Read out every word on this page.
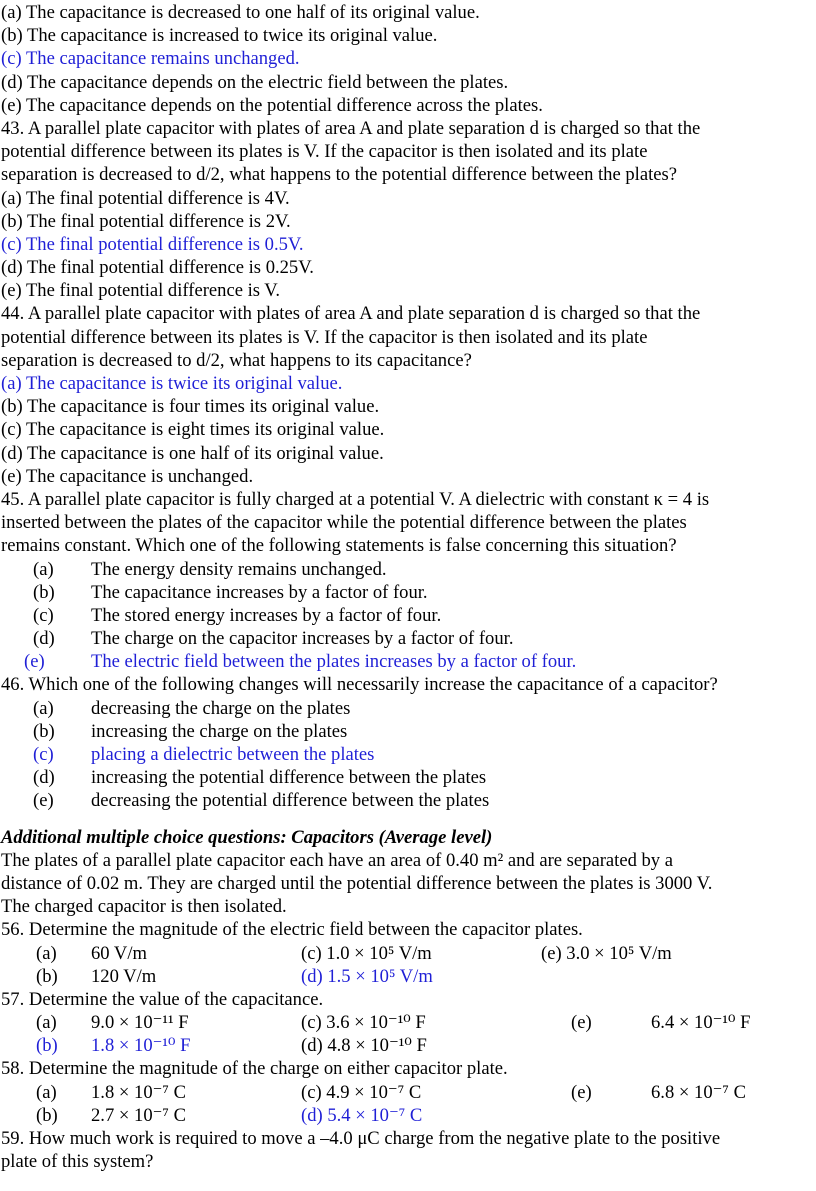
(a) The capacitance is decreased to one half of its original value.
(b) The capacitance is increased to twice its original value.
(c) The capacitance remains unchanged.
(d) The capacitance depends on the electric field between the plates.
(e) The capacitance depends on the potential difference across the plates.
43. A parallel plate capacitor with plates of area A and plate separation d is charged so that the
potential difference between its plates is V. If the capacitor is then isolated and its plate
separation is decreased to d/2, what happens to the potential difference between the plates?
(a) The final potential difference is 4V.
(b) The final potential difference is 2V.
(c) The final potential difference is 0.5V.
(d) The final potential difference is 0.25V.
(e) The final potential difference is V.
44. A parallel plate capacitor with plates of area A and plate separation d is charged so that the
potential difference between its plates is V. If the capacitor is then isolated and its plate
separation is decreased to d/2, what happens to its capacitance?
(a) The capacitance is twice its original value.
(b) The capacitance is four times its original value.
(c) The capacitance is eight times its original value.
(d) The capacitance is one half of its original value.
(e) The capacitance is unchanged.
45. A parallel plate capacitor is fully charged at a potential V. A dielectric with constant κ = 4 is
inserted between the plates of the capacitor while the potential difference between the plates
remains constant. Which one of the following statements is false concerning this situation?
(a) The energy density remains unchanged.
(b) The capacitance increases by a factor of four.
(c) The stored energy increases by a factor of four.
(d) The charge on the capacitor increases by a factor of four.
(e) The electric field between the plates increases by a factor of four.
46. Which one of the following changes will necessarily increase the capacitance of a capacitor?
(a) decreasing the charge on the plates
(b) increasing the charge on the plates
(c) placing a dielectric between the plates
(d) increasing the potential difference between the plates
(e) decreasing the potential difference between the plates
Additional multiple choice questions: Capacitors (Average level)
The plates of a parallel plate capacitor each have an area of 0.40 m² and are separated by a
distance of 0.02 m. They are charged until the potential difference between the plates is 3000 V.
The charged capacitor is then isolated.
56. Determine the magnitude of the electric field between the capacitor plates.
(a) 60 V/m	(c) 1.0 × 10⁵ V/m	(e) 3.0 × 10⁵ V/m
(b) 120 V/m	(d) 1.5 × 10⁵ V/m
57. Determine the value of the capacitance.
(a) 9.0 × 10⁻¹¹ F	(c) 3.6 × 10⁻¹⁰ F	(e)	6.4 × 10⁻¹⁰ F
(b) 1.8 × 10⁻¹⁰ F	(d) 4.8 × 10⁻¹⁰ F
58. Determine the magnitude of the charge on either capacitor plate.
(a) 1.8 × 10⁻⁷ C	(c) 4.9 × 10⁻⁷ C	(e)	6.8 × 10⁻⁷ C
(b) 2.7 × 10⁻⁷ C	(d) 5.4 × 10⁻⁷ C
59. How much work is required to move a –4.0 μC charge from the negative plate to the positive
plate of this system?
